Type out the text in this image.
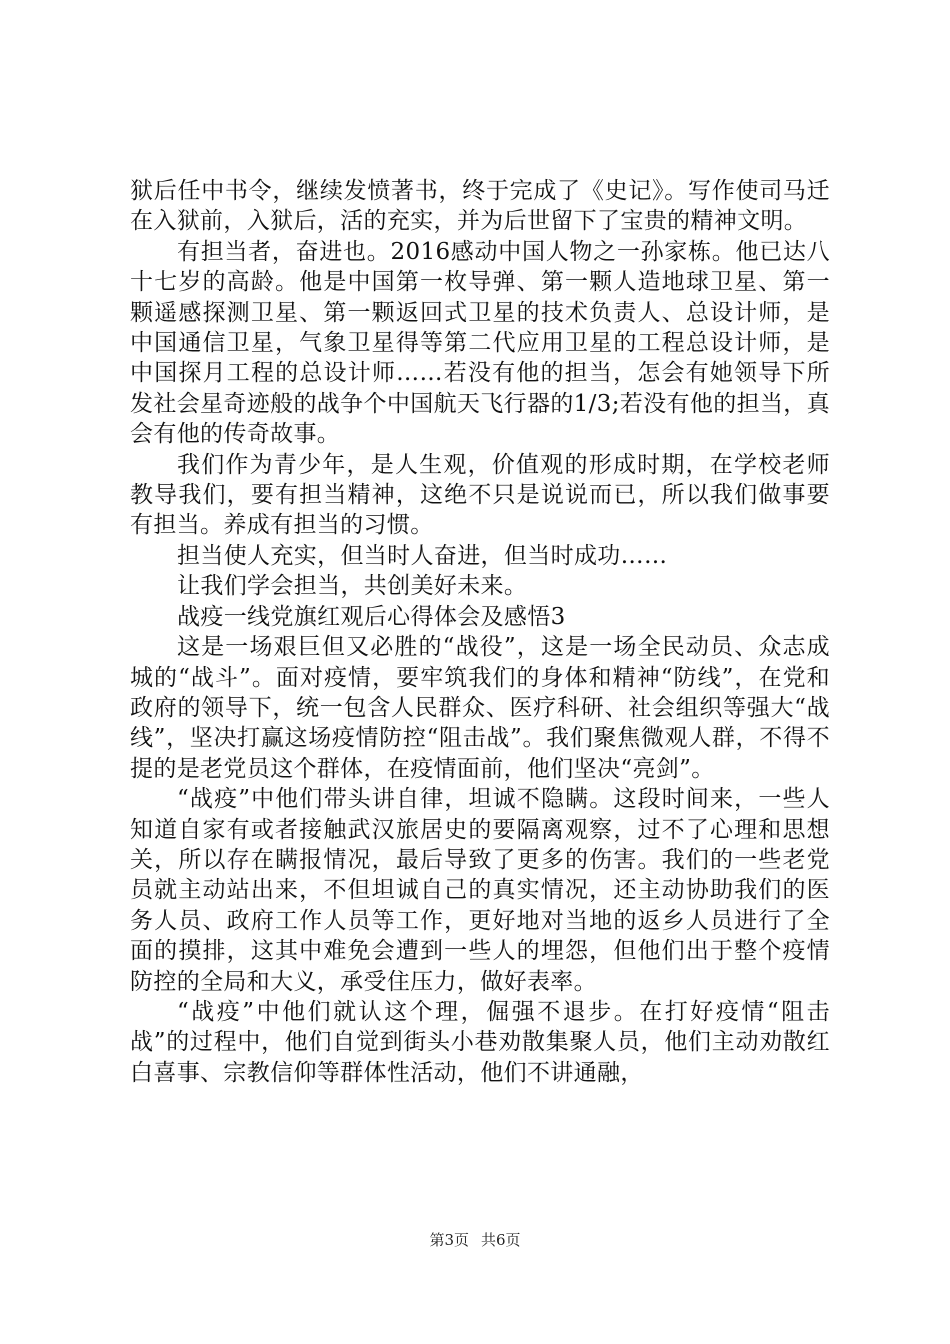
狱后任中书令，继续发愤著书，终于完成了《史记》。写作使司马迁在入狱前，入狱后，活的充实，并为后世留下了宝贵的精神文明。

有担当者，奋进也。2016感动中国人物之一孙家栋。他已达八十七岁的高龄。他是中国第一枚导弹、第一颗人造地球卫星、第一颗遥感探测卫星、第一颗返回式卫星的技术负责人、总设计师，是中国通信卫星，气象卫星得等第二代应用卫星的工程总设计师，是中国探月工程的总设计师……若没有他的担当，怎会有她领导下所发社会星奇迹般的战争个中国航天飞行器的1/3;若没有他的担当，真会有他的传奇故事。

我们作为青少年，是人生观，价值观的形成时期，在学校老师教导我们，要有担当精神，这绝不只是说说而已，所以我们做事要有担当。养成有担当的习惯。

担当使人充实，但当时人奋进，但当时成功……

让我们学会担当，共创美好未来。

战疫一线党旗红观后心得体会及感悟3

这是一场艰巨但又必胜的“战役”，这是一场全民动员、众志成城的“战斗”。面对疫情，要牢筑我们的身体和精神“防线”，在党和政府的领导下，统一包含人民群众、医疗科研、社会组织等强大“战线”，坚决打赢这场疫情防控“阻击战”。我们聚焦微观人群，不得不提的是老党员这个群体，在疫情面前，他们坚决“亮剑”。

“战疫”中他们带头讲自律，坦诚不隐瞒。这段时间来，一些人知道自家有或者接触武汉旅居史的要隔离观察，过不了心理和思想关，所以存在瞒报情况，最后导致了更多的伤害。我们的一些老党员就主动站出来，不但坦诚自己的真实情况，还主动协助我们的医务人员、政府工作人员等工作，更好地对当地的返乡人员进行了全面的摸排，这其中难免会遭到一些人的埋怨，但他们出于整个疫情防控的全局和大义，承受住压力，做好表率。

“战疫”中他们就认这个理，倔强不退步。在打好疫情“阻击战”的过程中，他们自觉到街头小巷劝散集聚人员，他们主动劝散红白喜事、宗教信仰等群体性活动，他们不讲通融，

第3页 共6页
